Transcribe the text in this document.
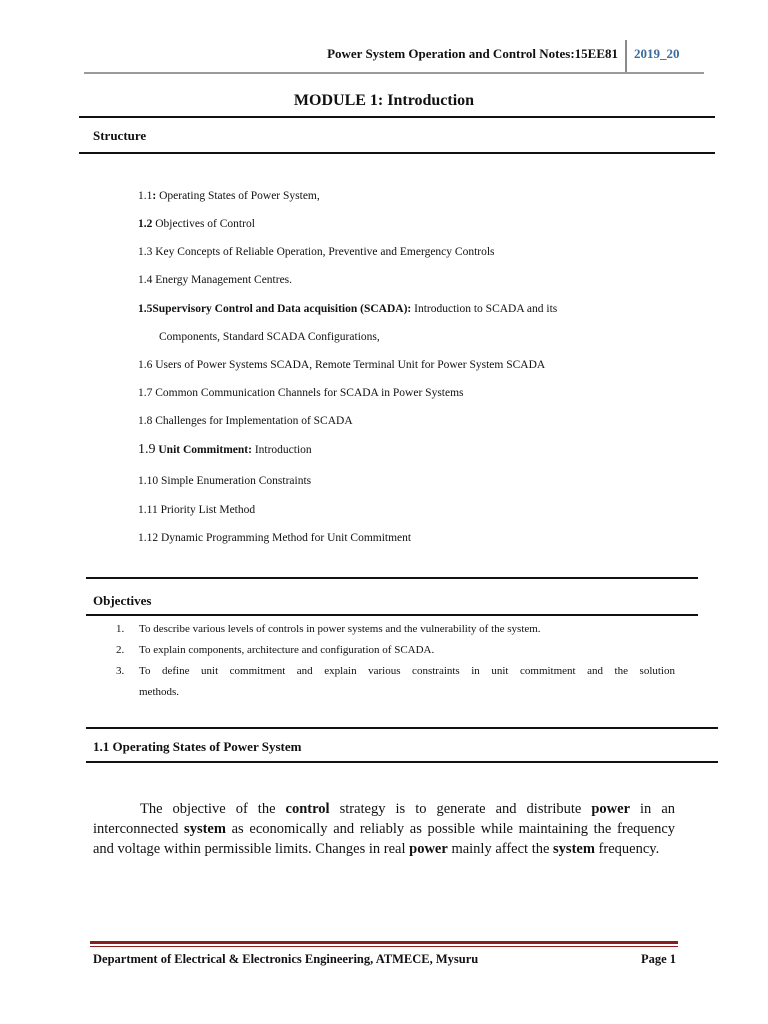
Power System Operation and Control Notes:15EE81 2019_20
MODULE 1: Introduction
Structure
1.1: Operating States of Power System,
1.2 Objectives of Control
1.3 Key Concepts of Reliable Operation, Preventive and Emergency Controls
1.4 Energy Management Centres.
1.5Supervisory Control and Data acquisition (SCADA): Introduction to SCADA and its
Components, Standard SCADA Configurations,
1.6 Users of Power Systems SCADA, Remote Terminal Unit for Power System SCADA
1.7 Common Communication Channels for SCADA in Power Systems
1.8 Challenges for Implementation of SCADA
1.9 Unit Commitment: Introduction
1.10 Simple Enumeration Constraints
1.11 Priority List Method
1.12 Dynamic Programming Method for Unit Commitment
Objectives
1. To describe various levels of controls in power systems and the vulnerability of the system.
2. To explain components, architecture and configuration of SCADA.
3. To define unit commitment and explain various constraints in unit commitment and the solution
methods.
1.1 Operating States of Power System
The objective of the control strategy is to generate and distribute power in an interconnected system as economically and reliably as possible while maintaining the frequency and voltage within permissible limits. Changes in real power mainly affect the system frequency.
Department of Electrical & Electronics Engineering, ATMECE, Mysuru	Page 1
